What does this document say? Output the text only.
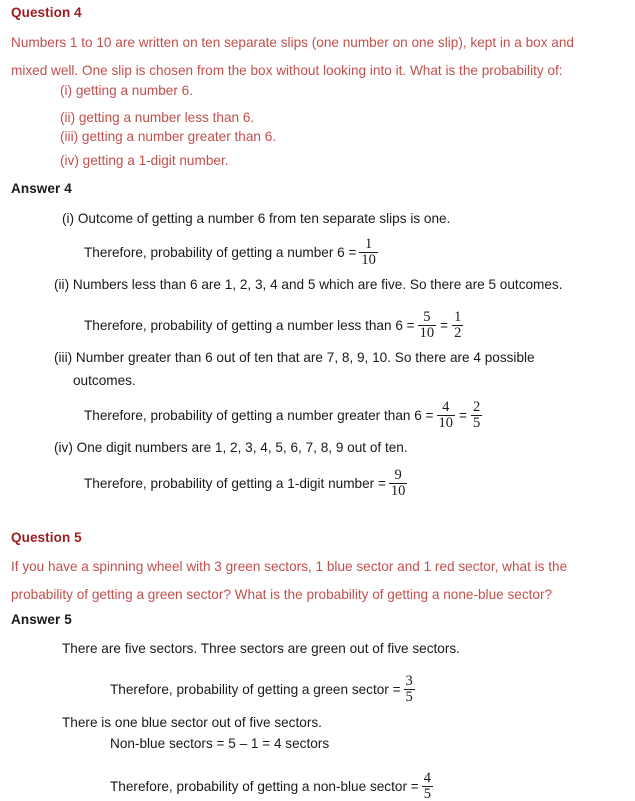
Question 4
Numbers 1 to 10 are written on ten separate slips (one number on one slip), kept in a box and
mixed well. One slip is chosen from the box without looking into it. What is the probability of:
(i) getting a number 6.
(ii) getting a number less than 6.
(iii) getting a number greater than 6.
(iv) getting a 1-digit number.
Answer 4
(i) Outcome of getting a number 6 from ten separate slips is one.
Therefore, probability of getting a number $6 = \frac{1}{10}$
(ii) Numbers less than 6 are 1, 2, 3, 4 and 5 which are five. So there are 5 outcomes.
Therefore, probability of getting a number less than $6 = \frac{5}{10} = \frac{1}{2}$
(iii) Number greater than 6 out of ten that are 7, 8, 9, 10. So there are 4 possible
outcomes.
Therefore, probability of getting a number greater than $6 = \frac{4}{10} = \frac{2}{5}$
(iv) One digit numbers are 1, 2, 3, 4, 5, 6, 7, 8, 9 out of ten.
Therefore, probability of getting a 1-digit number = $\frac{9}{10}$
Question 5
If you have a spinning wheel with 3 green sectors, 1 blue sector and 1 red sector, what is the
probability of getting a green sector? What is the probability of getting a none-blue sector?
Answer 5
There are five sectors. Three sectors are green out of five sectors.
Therefore, probability of getting a green sector = $\frac{3}{5}$
There is one blue sector out of five sectors.
Non-blue sectors = 5 – 1 = 4 sectors
Therefore, probability of getting a non-blue sector = $\frac{4}{5}$
